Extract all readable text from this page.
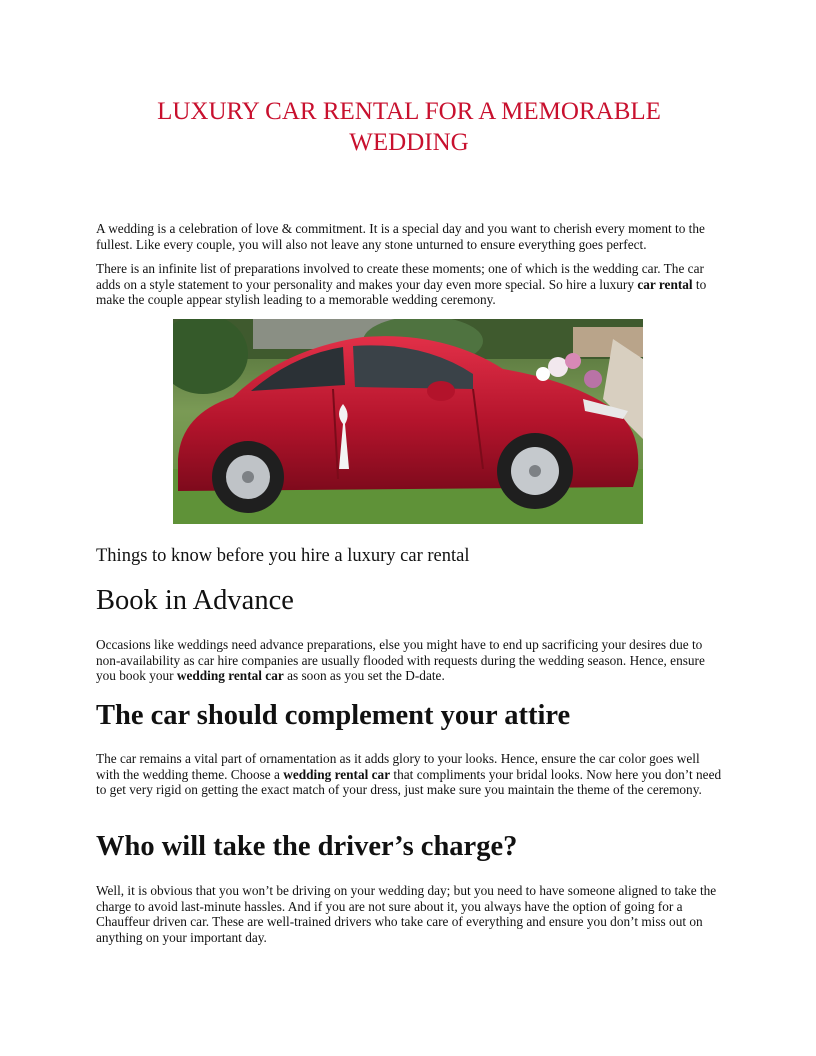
LUXURY CAR RENTAL FOR A MEMORABLE
WEDDING

A wedding is a celebration of love & commitment. It is a special day and you want to cherish every moment to the fullest. Like every couple, you will also not leave any stone unturned to ensure everything goes perfect.

There is an infinite list of preparations involved to create these moments; one of which is the wedding car. The car adds on a style statement to your personality and makes your day even more special. So hire a luxury car rental to make the couple appear stylish leading to a memorable wedding ceremony.

Things to know before you hire a luxury car rental
Book in Advance

Occasions like weddings need advance preparations, else you might have to end up sacrificing your desires due to non-availability as car hire companies are usually flooded with requests during the wedding season. Hence, ensure you book your wedding rental car as soon as you set the D-date.

The car should complement your attire

The car remains a vital part of ornamentation as it adds glory to your looks. Hence, ensure the car color goes well with the wedding theme. Choose a wedding rental car that compliments your bridal looks. Now here you don’t need to get very rigid on getting the exact match of your dress, just make sure you maintain the theme of the ceremony.

Who will take the driver’s charge?

Well, it is obvious that you won’t be driving on your wedding day; but you need to have someone aligned to take the charge to avoid last-minute hassles. And if you are not sure about it, you always have the option of going for a Chauffeur driven car. These are well-trained drivers who take care of everything and ensure you don’t miss out on anything on your important day.
